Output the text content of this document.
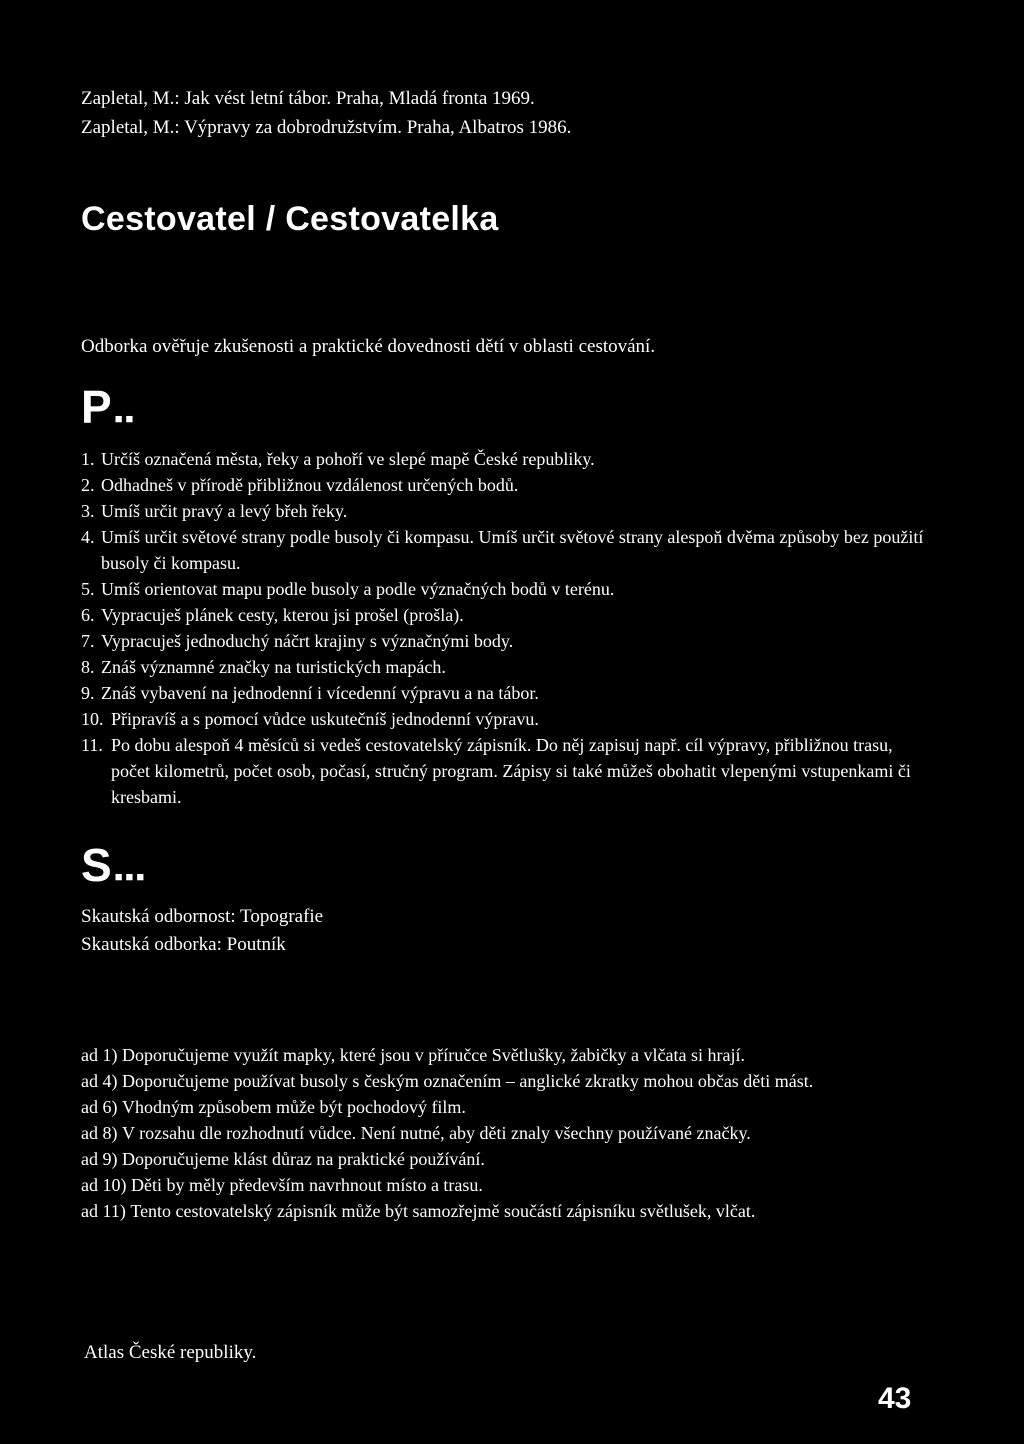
Zapletal, M.: Jak vést letní tábor. Praha, Mladá fronta 1969.
Zapletal, M.: Výpravy za dobrodružstvím. Praha, Albatros 1986.
Cestovatel / Cestovatelka
Odborka ověřuje zkušenosti a praktické dovednosti dětí v oblasti cestování.
P ■■
1. Určíš označená města, řeky a pohoří ve slepé mapě České republiky.
2. Odhadneš v přírodě přibližnou vzdálenost určených bodů.
3. Umíš určit pravý a levý břeh řeky.
4. Umíš určit světové strany podle busoly či kompasu. Umíš určit světové strany alespoň dvěma způsoby bez použití busoly či kompasu.
5. Umíš orientovat mapu podle busoly a podle význačných bodů v terénu.
6. Vypracuješ plánek cesty, kterou jsi prošel (prošla).
7. Vypracuješ jednoduchý náčrt krajiny s význačnými body.
8. Znáš významné značky na turistických mapách.
9. Znáš vybavení na jednodenní i vícedenní výpravu a na tábor.
10. Připravíš a s pomocí vůdce uskutečníš jednodenní výpravu.
11. Po dobu alespoň 4 měsíců si vedeš cestovatelský zápisník. Do něj zapisuj např. cíl výpravy, přibližnou trasu, počet kilometrů, počet osob, počasí, stručný program. Zápisy si také můžeš obohatit vlepenými vstupenkami či kresbami.
S ■■■
Skautská odbornost: Topografie
Skautská odborka: Poutník
ad 1) Doporučujeme využít mapky, které jsou v příručce Světlušky, žabičky a vlčata si hrají.
ad 4) Doporučujeme používat busoly s českým označením – anglické zkratky mohou občas děti mást.
ad 6) Vhodným způsobem může být pochodový film.
ad 8) V rozsahu dle rozhodnutí vůdce. Není nutné, aby děti znaly všechny používané značky.
ad 9) Doporučujeme klást důraz na praktické používání.
ad 10) Děti by měly především navrhnout místo a trasu.
ad 11) Tento cestovatelský zápisník může být samozřejmě součástí zápisníku světlušek, vlčat.
Atlas České republiky.
43
